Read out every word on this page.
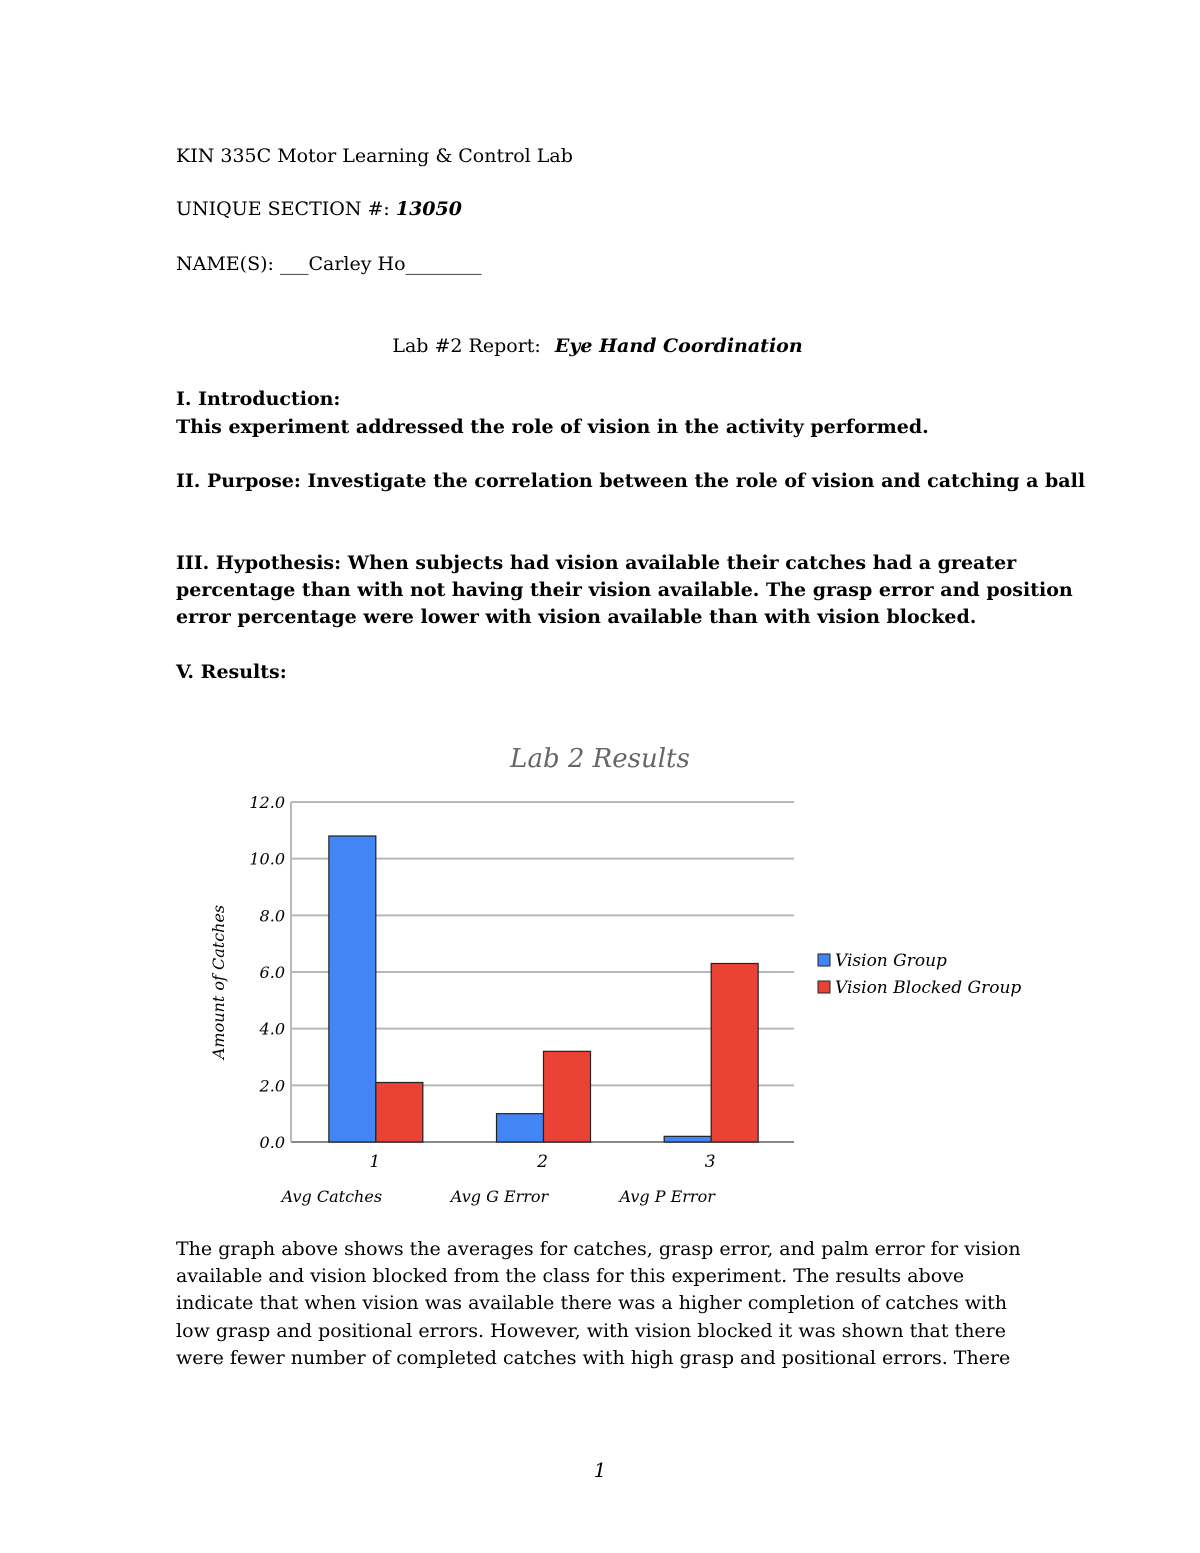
KIN 335C Motor Learning & Control Lab
UNIQUE SECTION #: 13050
NAME(S): ___Carley Ho________
Lab #2 Report: Eye Hand Coordination
I. Introduction:
This experiment addressed the role of vision in the activity performed.
II. Purpose: Investigate the correlation between the role of vision and catching a ball
III. Hypothesis: When subjects had vision available their catches had a greater
percentage than with not having their vision available. The grasp error and position
error percentage were lower with vision available than with vision blocked.
V. Results:
Lab 2 Results
0.0
2.0
4.0
6.0
8.0
10.0
12.0
Amount of Catches
1
Avg Catches
2
Avg G Error
3
Avg P Error
Vision Group
Vision Blocked Group
The graph above shows the averages for catches, grasp error, and palm error for vision
available and vision blocked from the class for this experiment. The results above
indicate that when vision was available there was a higher completion of catches with
low grasp and positional errors. However, with vision blocked it was shown that there
were fewer number of completed catches with high grasp and positional errors. There
1
